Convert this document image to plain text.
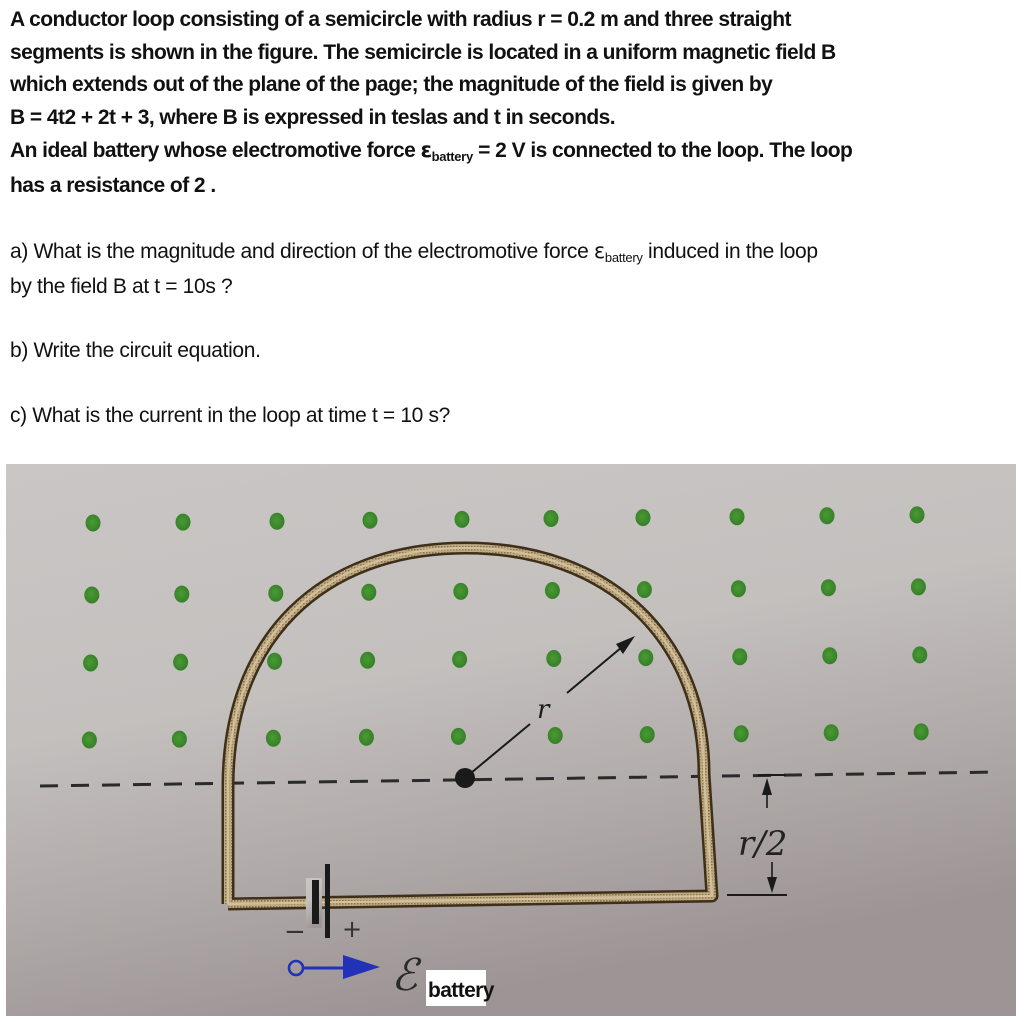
A conductor loop consisting of a semicircle with radius r = 0.2 m and three straight
segments is shown in the figure. The semicircle is located in a uniform magnetic field B
which extends out of the plane of the page; the magnitude of the field is given by
B = 4t2 + 2t + 3, where B is expressed in teslas and t in seconds.
An ideal battery whose electromotive force εbattery = 2 V is connected to the loop. The loop
has a resistance of 2 .
a) What is the magnitude and direction of the electromotive force εbattery induced in the loop
by the field B at t = 10s ?
b) Write the circuit equation.
c) What is the current in the loop at time t = 10 s?
− +
r
r/2
ℰ battery
